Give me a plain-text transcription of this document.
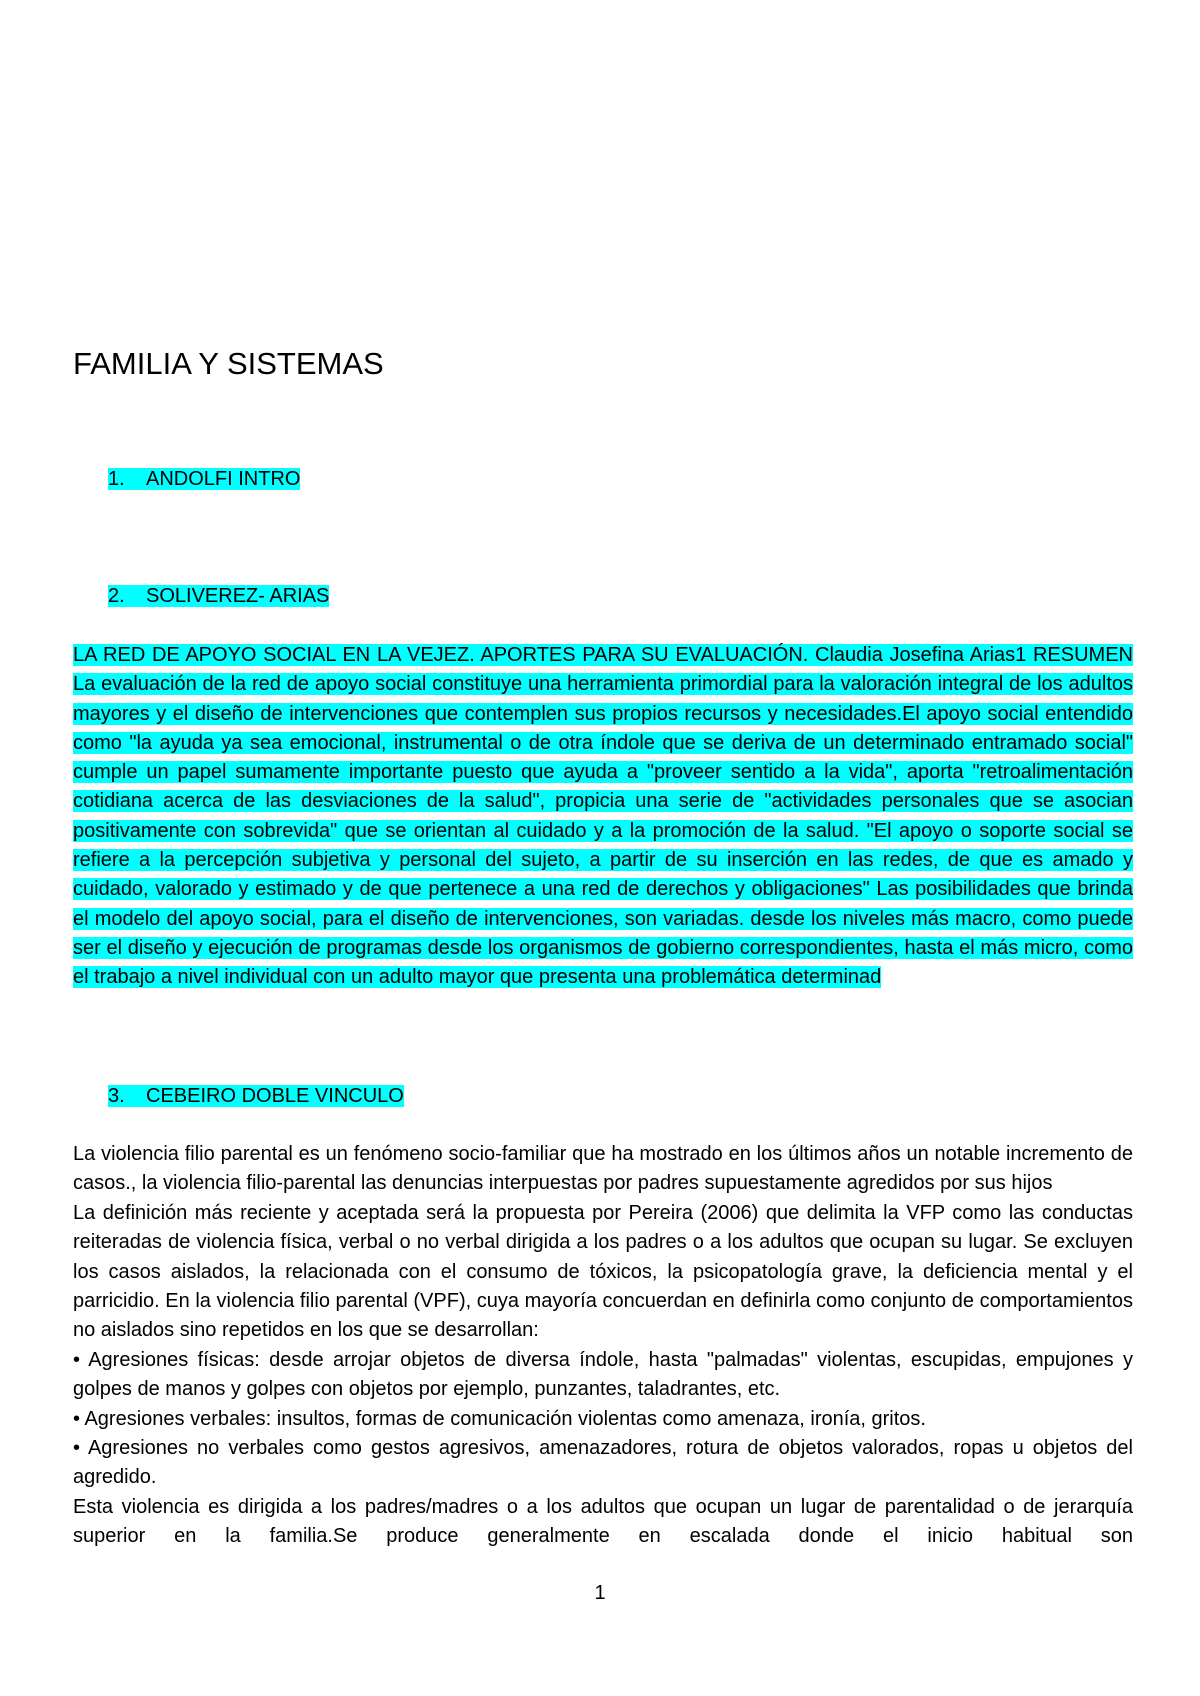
FAMILIA Y SISTEMAS
1. ANDOLFI INTRO
2. SOLIVEREZ- ARIAS

LA RED DE APOYO SOCIAL EN LA VEJEZ. APORTES PARA SU EVALUACIÓN. Claudia Josefina Arias1 RESUMEN La evaluación de la red de apoyo social constituye una herramienta primordial para la valoración integral de los adultos mayores y el diseño de intervenciones que contemplen sus propios recursos y necesidades.El apoyo social entendido como "la ayuda ya sea emocional, instrumental o de otra índole que se deriva de un determinado entramado social" cumple un papel sumamente importante puesto que ayuda a "proveer sentido a la vida", aporta "retroalimentación cotidiana acerca de las desviaciones de la salud", propicia una serie de "actividades personales que se asocian positivamente con sobrevida" que se orientan al cuidado y a la promoción de la salud. "El apoyo o soporte social se refiere a la percepción subjetiva y personal del sujeto, a partir de su inserción en las redes, de que es amado y cuidado, valorado y estimado y de que pertenece a una red de derechos y obligaciones" Las posibilidades que brinda el modelo del apoyo social, para el diseño de intervenciones, son variadas. desde los niveles más macro, como puede ser el diseño y ejecución de programas desde los organismos de gobierno correspondientes, hasta el más micro, como el trabajo a nivel individual con un adulto mayor que presenta una problemática determinad

3. CEBEIRO DOBLE VINCULO

La violencia filio parental es un fenómeno socio-familiar que ha mostrado en los últimos años un notable incremento de casos., la violencia filio-parental las denuncias interpuestas por padres supuestamente agredidos por sus hijos

La definición más reciente y aceptada será la propuesta por Pereira (2006) que delimita la VFP como las conductas reiteradas de violencia física, verbal o no verbal dirigida a los padres o a los adultos que ocupan su lugar. Se excluyen los casos aislados, la relacionada con el consumo de tóxicos, la psicopatología grave, la deficiencia mental y el parricidio. En la violencia filio parental (VPF), cuya mayoría concuerdan en definirla como conjunto de comportamientos no aislados sino repetidos en los que se desarrollan:

• Agresiones físicas: desde arrojar objetos de diversa índole, hasta "palmadas" violentas, escupidas, empujones y golpes de manos y golpes con objetos por ejemplo, punzantes, taladrantes, etc.

• Agresiones verbales: insultos, formas de comunicación violentas como amenaza, ironía, gritos.

• Agresiones no verbales como gestos agresivos, amenazadores, rotura de objetos valorados, ropas u objetos del agredido.

Esta violencia es dirigida a los padres/madres o a los adultos que ocupan un lugar de parentalidad o de jerarquía superior en la familia.Se produce generalmente en escalada donde el inicio habitual son

1
